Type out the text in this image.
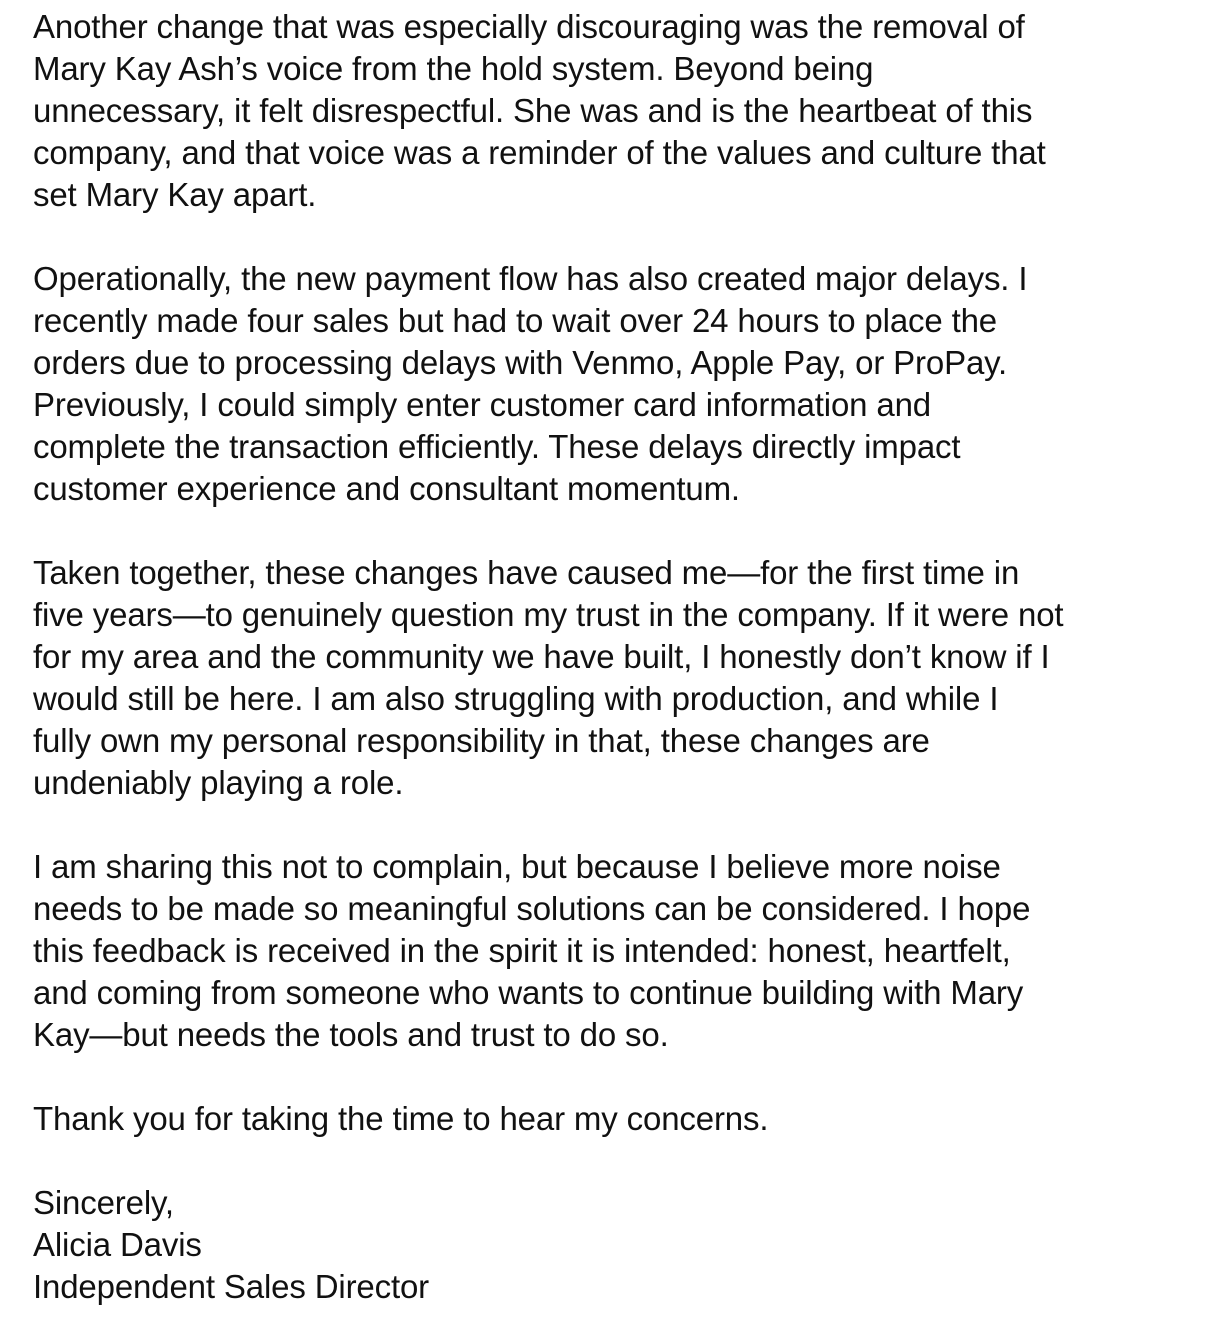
Another change that was especially discouraging was the removal of
Mary Kay Ash’s voice from the hold system. Beyond being
unnecessary, it felt disrespectful. She was and is the heartbeat of this
company, and that voice was a reminder of the values and culture that
set Mary Kay apart.

Operationally, the new payment flow has also created major delays. I
recently made four sales but had to wait over 24 hours to place the
orders due to processing delays with Venmo, Apple Pay, or ProPay.
Previously, I could simply enter customer card information and
complete the transaction efficiently. These delays directly impact
customer experience and consultant momentum.

Taken together, these changes have caused me—for the first time in
five years—to genuinely question my trust in the company. If it were not
for my area and the community we have built, I honestly don’t know if I
would still be here. I am also struggling with production, and while I
fully own my personal responsibility in that, these changes are
undeniably playing a role.

I am sharing this not to complain, but because I believe more noise
needs to be made so meaningful solutions can be considered. I hope
this feedback is received in the spirit it is intended: honest, heartfelt,
and coming from someone who wants to continue building with Mary
Kay—but needs the tools and trust to do so.

Thank you for taking the time to hear my concerns.

Sincerely,
Alicia Davis
Independent Sales Director
